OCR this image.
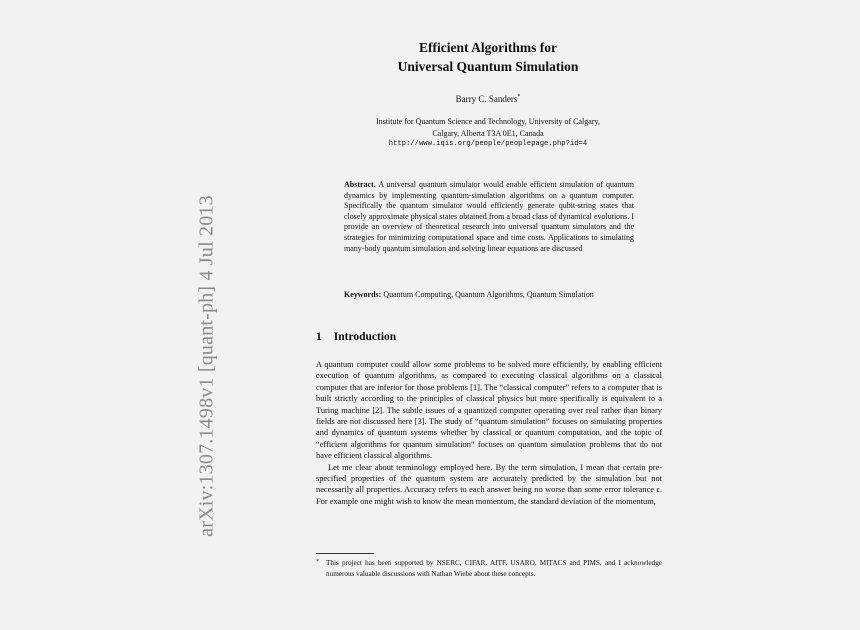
arXiv:1307.1498v1 [quant-ph] 4 Jul 2013
Efficient Algorithms for
Universal Quantum Simulation
Barry C. Sanders*
Institute for Quantum Science and Technology, University of Calgary,
Calgary, Alberta T3A 0E1, Canada
http://www.iqis.org/people/peoplepage.php?id=4
Abstract. A universal quantum simulator would enable efficient simulation of quantum dynamics by implementing quantum-simulation algorithms on a quantum computer. Specifically the quantum simulator would efficiently generate qubit-string states that closely approximate physical states obtained from a broad class of dynamical evolutions. I provide an overview of theoretical research into universal quantum simulators and the strategies for minimizing computational space and time costs. Applications to simulating many-body quantum simulation and solving linear equations are discussed
Keywords: Quantum Computing, Quantum Algorithms, Quantum Simulation
1 Introduction

A quantum computer could allow some problems to be solved more efficiently, by enabling efficient execution of quantum algorithms, as compared to executing classical algorithms on a classical computer that are inferior for those problems [1]. The “classical computer” refers to a computer that is built strictly according to the principles of classical physics but more specifically is equivalent to a Turing machine [2]. The subtle issues of a quantized computer operating over real rather than binary fields are not discussed here [3]. The study of “quantum simulation” focuses on simulating properties and dynamics of quantum systems whether by classical or quantum computation, and the topic of “efficient algorithms for quantum simulation” focuses on quantum simulation problems that do not have efficient classical algorithms.

Let me clear about terminology employed here. By the term simulation, I mean that certain pre-specified properties of the quantum system are accurately predicted by the simulation but not necessarily all properties. Accuracy refers to each answer being no worse than some error tolerance ϵ. For example one might wish to know the mean momentum, the standard deviation of the momentum,

* This project has been supported by NSERC, CIFAR, AITF, USARO, MITACS and PIMS, and I acknowledge numerous valuable discussions with Nathan Wiebe about these concepts.
